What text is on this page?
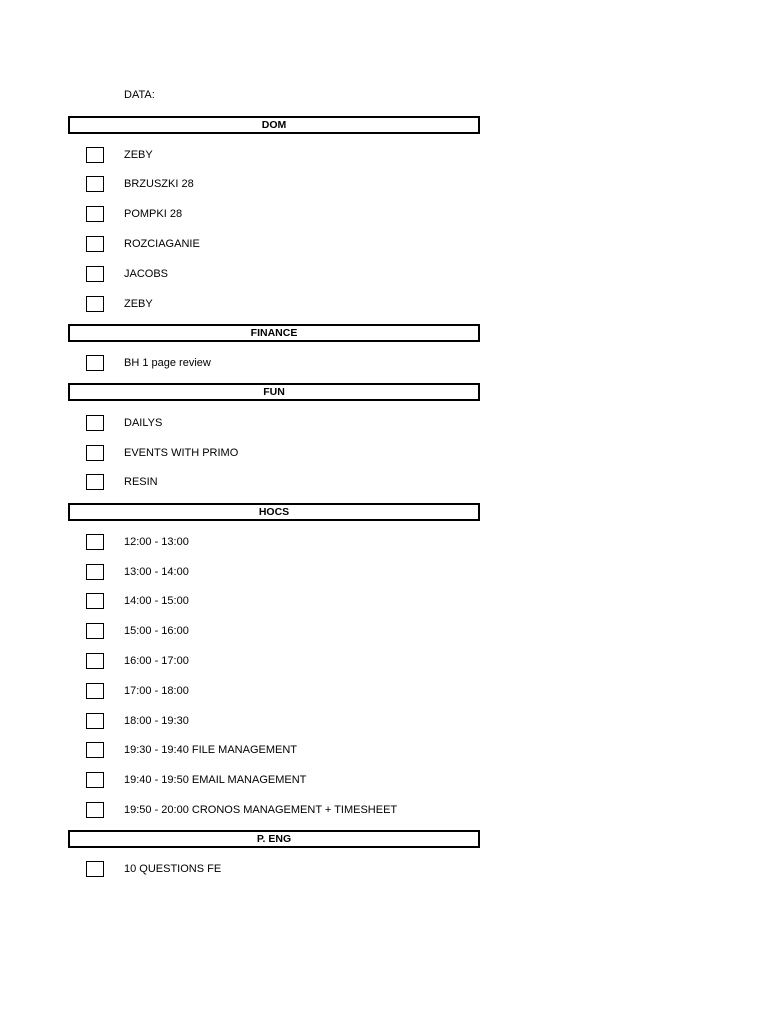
DATA:
DOM
ZEBY
BRZUSZKI 28
POMPKI 28
ROZCIAGANIE
JACOBS
ZEBY
FINANCE
BH 1 page review
FUN
DAILYS
EVENTS WITH PRIMO
RESIN
HOCS
12:00 - 13:00
13:00 - 14:00
14:00 - 15:00
15:00 - 16:00
16:00 - 17:00
17:00 - 18:00
18:00 - 19:30
19:30 - 19:40 FILE MANAGEMENT
19:40 - 19:50 EMAIL MANAGEMENT
19:50 - 20:00 CRONOS MANAGEMENT + TIMESHEET
P. ENG
10 QUESTIONS FE
